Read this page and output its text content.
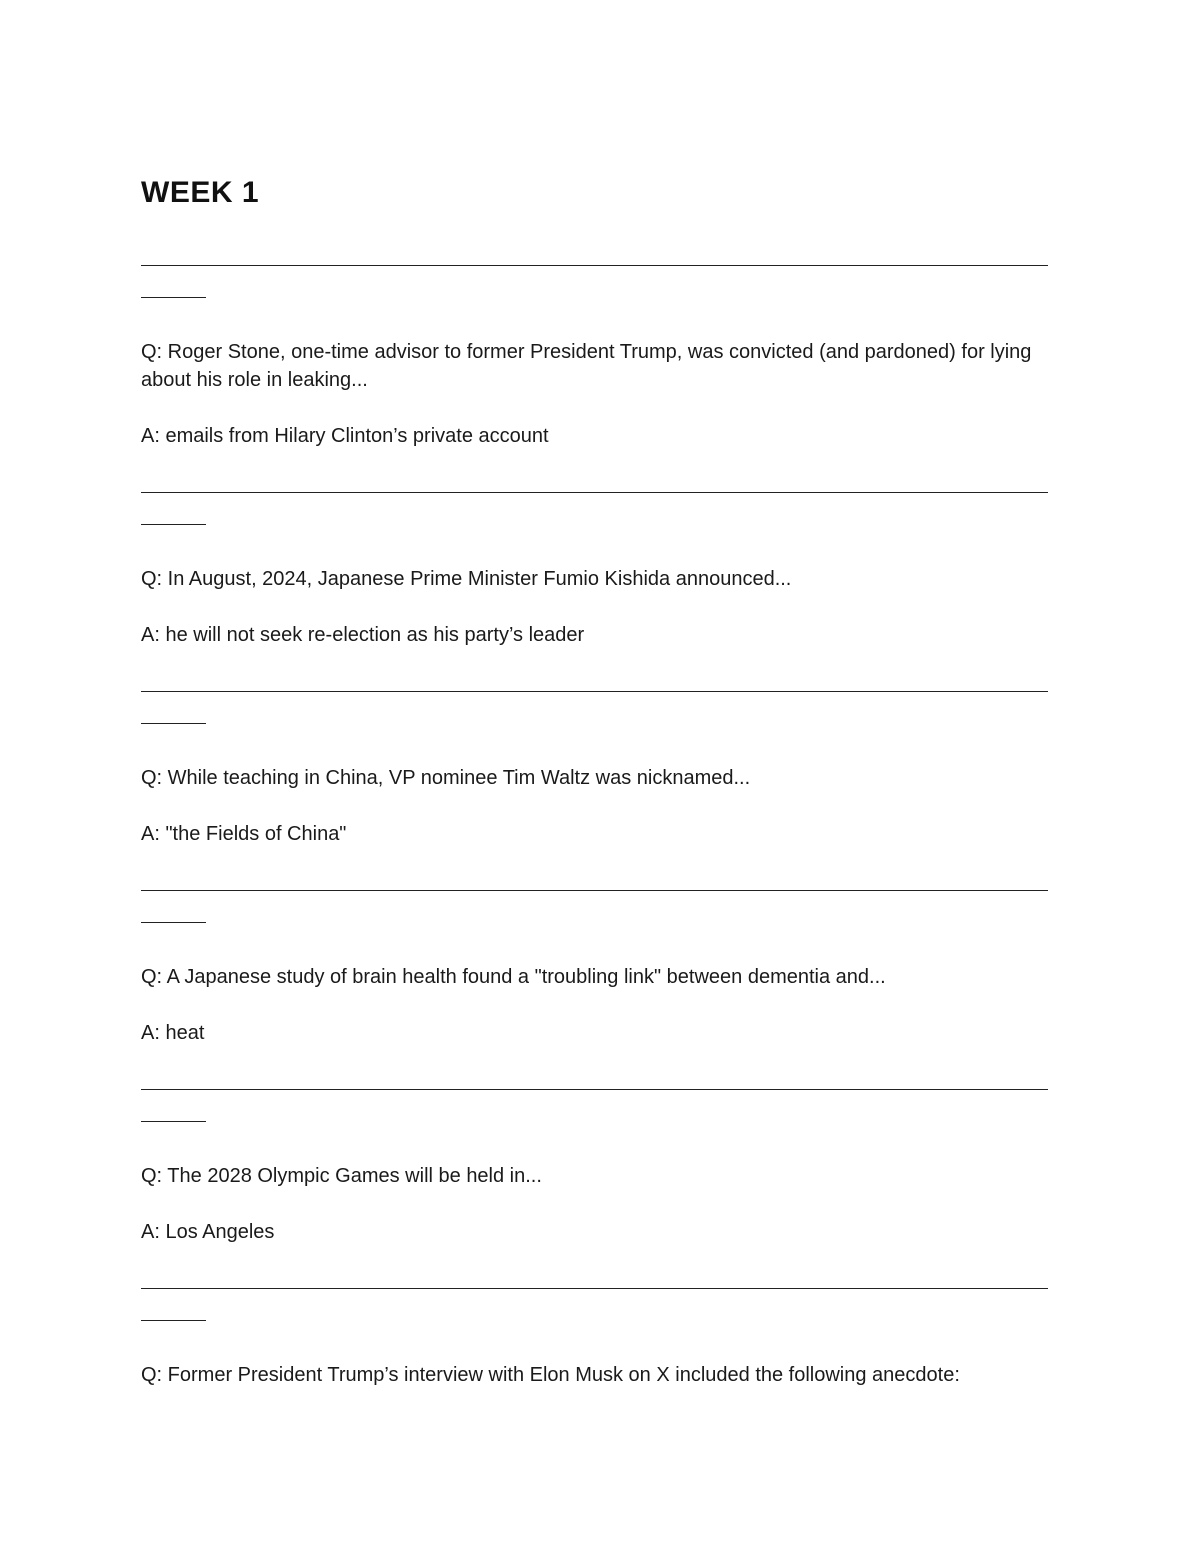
WEEK 1

Q: Roger Stone, one-time advisor to former President Trump, was convicted (and pardoned) for lying about his role in leaking...

A: emails from Hilary Clinton’s private account

Q: In August, 2024, Japanese Prime Minister Fumio Kishida announced...

A: he will not seek re-election as his party’s leader

Q: While teaching in China, VP nominee Tim Waltz was nicknamed...

A: "the Fields of China"

Q: A Japanese study of brain health found a "troubling link" between dementia and...

A: heat

Q: The 2028 Olympic Games will be held in...

A: Los Angeles

Q: Former President Trump’s interview with Elon Musk on X included the following anecdote:
